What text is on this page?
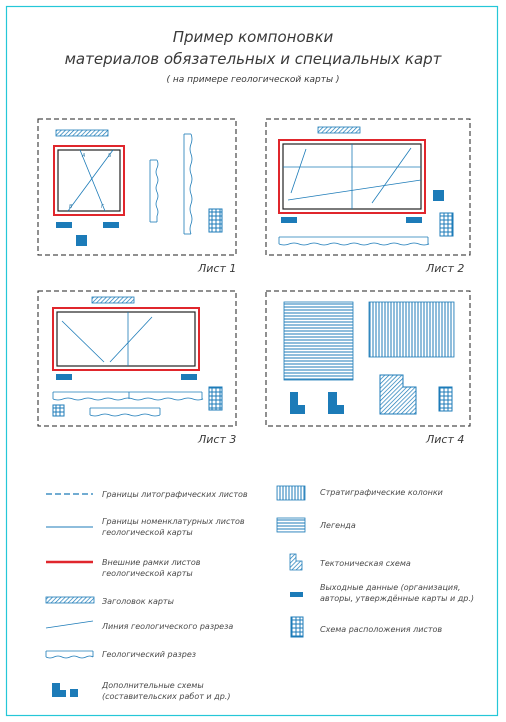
Пример компоновки
материалов обязательных и специальных карт
( на примере геологической карты )
А	Б
В	Г
Лист 1	Лист 2
Лист 3	Лист 4
Границы литографических листов
Границы номенклатурных листов геологической карты
Внешние рамки листов геологической карты
Заголовок карты
Линия геологического разреза
Геологический разрез
Дополнительные схемы (составительских работ и др.)
Стратиграфические колонки
Легенда
Тектоническая схема
Выходные данные (организация, авторы, утверждённые карты и др.)
Схема расположения листов
